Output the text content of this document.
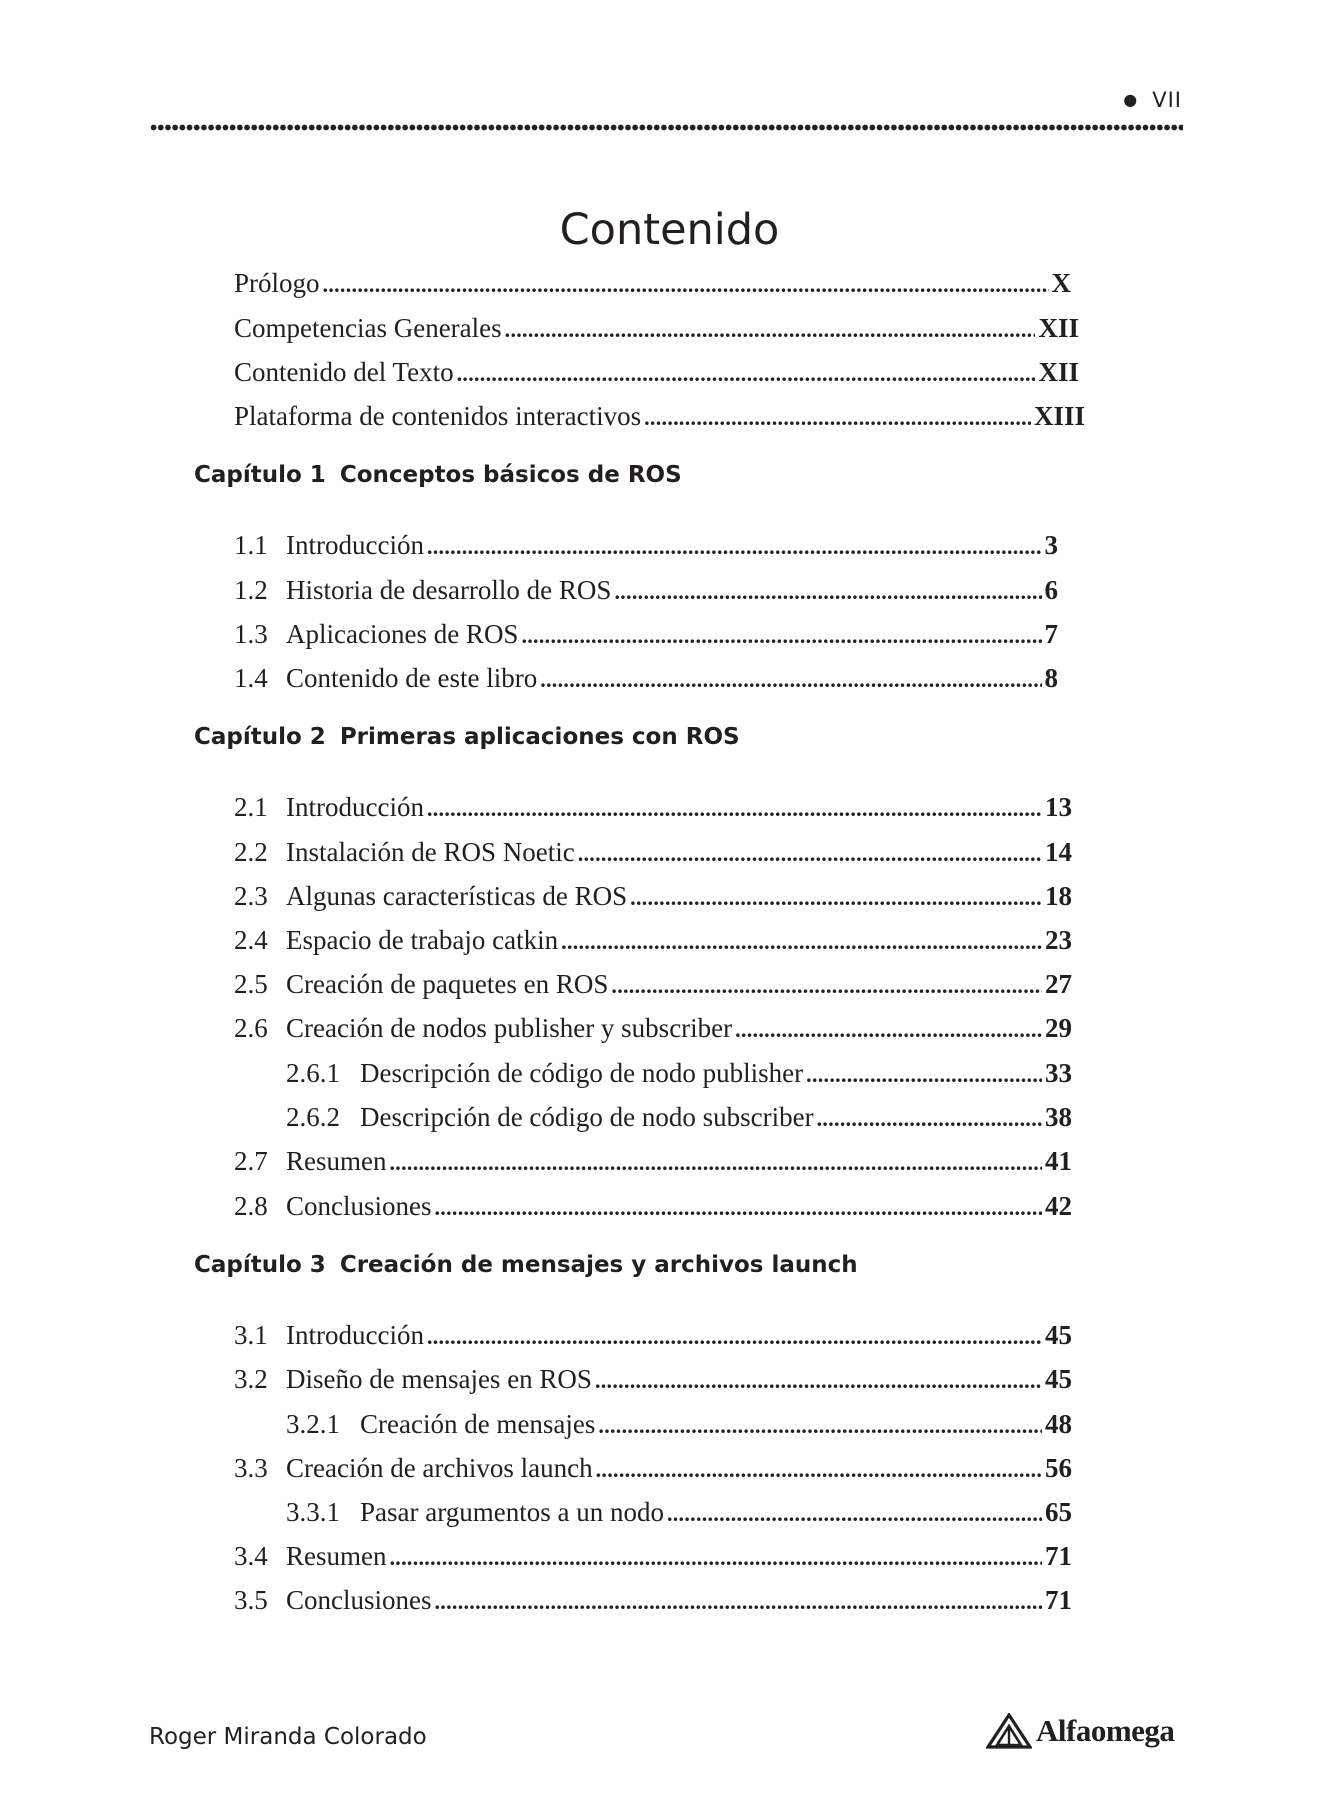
● VII
Contenido
Prólogo . . .	X
Competencias Generales . . .	XII
Contenido del Texto . . .	XII
Plataforma de contenidos interactivos . . .	XIII
Capítulo 1 Conceptos básicos de ROS
1.1 Introducción . . .	3
1.2 Historia de desarrollo de ROS . . .	6
1.3 Aplicaciones de ROS . . .	7
1.4 Contenido de este libro . . .	8
Capítulo 2 Primeras aplicaciones con ROS
2.1 Introducción . . .	13
2.2 Instalación de ROS Noetic . . .	14
2.3 Algunas características de ROS . . .	18
2.4 Espacio de trabajo catkin . . .	23
2.5 Creación de paquetes en ROS . . .	27
2.6 Creación de nodos publisher y subscriber . . .	29
2.6.1 Descripción de código de nodo publisher . . .	33
2.6.2 Descripción de código de nodo subscriber . . .	38
2.7 Resumen . . .	41
2.8 Conclusiones . . .	42
Capítulo 3 Creación de mensajes y archivos launch
3.1 Introducción . . .	45
3.2 Diseño de mensajes en ROS . . .	45
3.2.1 Creación de mensajes . . .	48
3.3 Creación de archivos launch . . .	56
3.3.1 Pasar argumentos a un nodo . . .	65
3.4 Resumen . . .	71
3.5 Conclusiones . . .	71
Roger Miranda Colorado	Alfaomega
